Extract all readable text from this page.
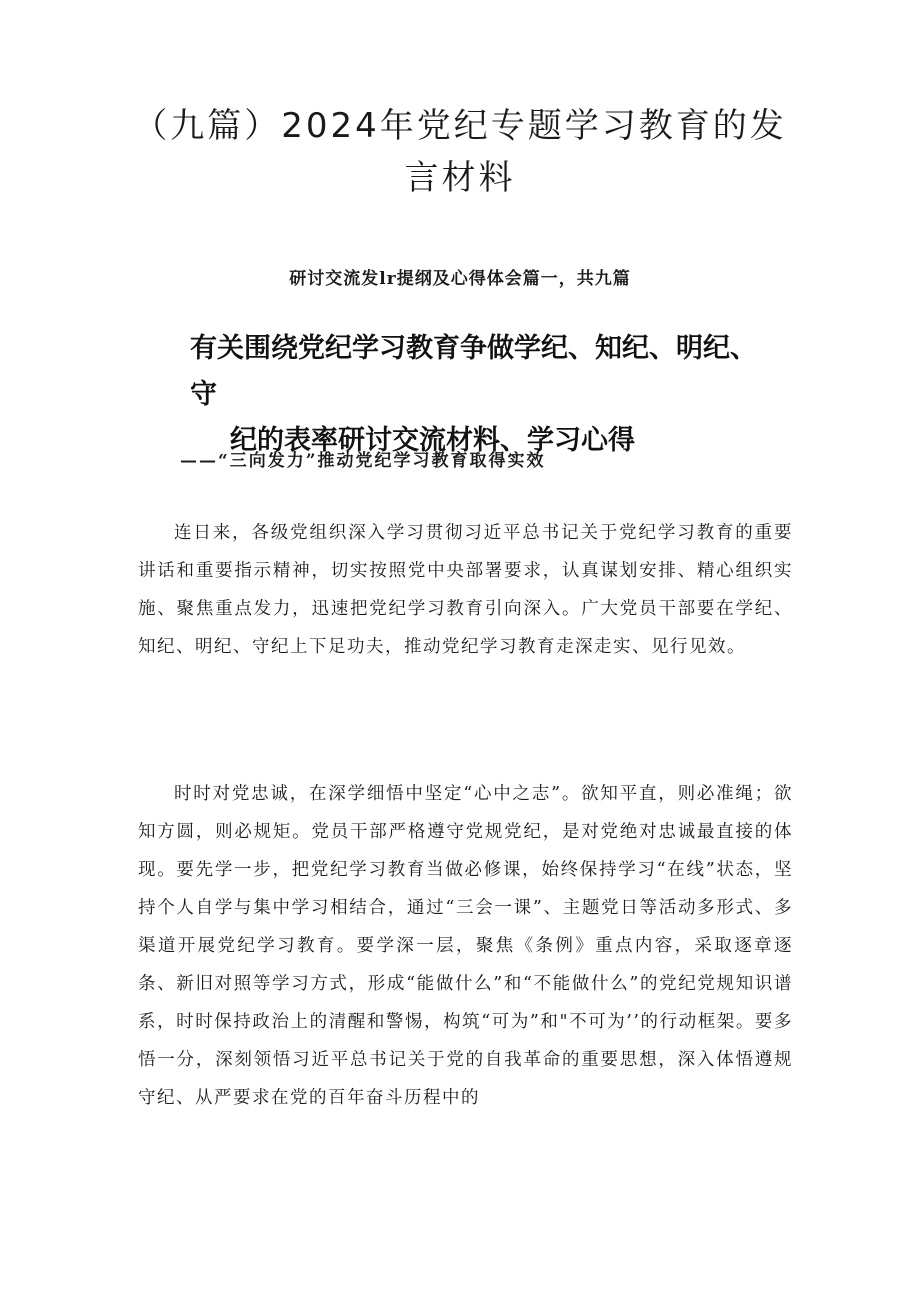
（九篇）2024年党纪专题学习教育的发言材料

研讨交流发lr提纲及心得体会篇一，共九篇

有关围绕党纪学习教育争做学纪、知纪、明纪、守
纪的表率研讨交流材料、学习心得

——“三向发力”推动党纪学习教育取得实效

连日来，各级党组织深入学习贯彻习近平总书记关于党纪学习教育的重要讲话和重要指示精神，切实按照党中央部署要求，认真谋划安排、精心组织实施、聚焦重点发力，迅速把党纪学习教育引向深入。广大党员干部要在学纪、知纪、明纪、守纪上下足功夫，推动党纪学习教育走深走实、见行见效。

时时对党忠诚，在深学细悟中坚定“心中之志”。欲知平直，则必准绳；欲知方圆，则必规矩。党员干部严格遵守党规党纪，是对党绝对忠诚最直接的体现。要先学一步，把党纪学习教育当做必修课，始终保持学习“在线”状态，坚持个人自学与集中学习相结合，通过“三会一课”、主题党日等活动多形式、多渠道开展党纪学习教育。要学深一层，聚焦《条例》重点内容，采取逐章逐条、新旧对照等学习方式，形成“能做什么”和“不能做什么”的党纪党规知识谱系，时时保持政治上的清醒和警惕，构筑“可为”和"不可为’’的行动框架。要多悟一分，深刻领悟习近平总书记关于党的自我革命的重要思想，深入体悟遵规守纪、从严要求在党的百年奋斗历程中的
